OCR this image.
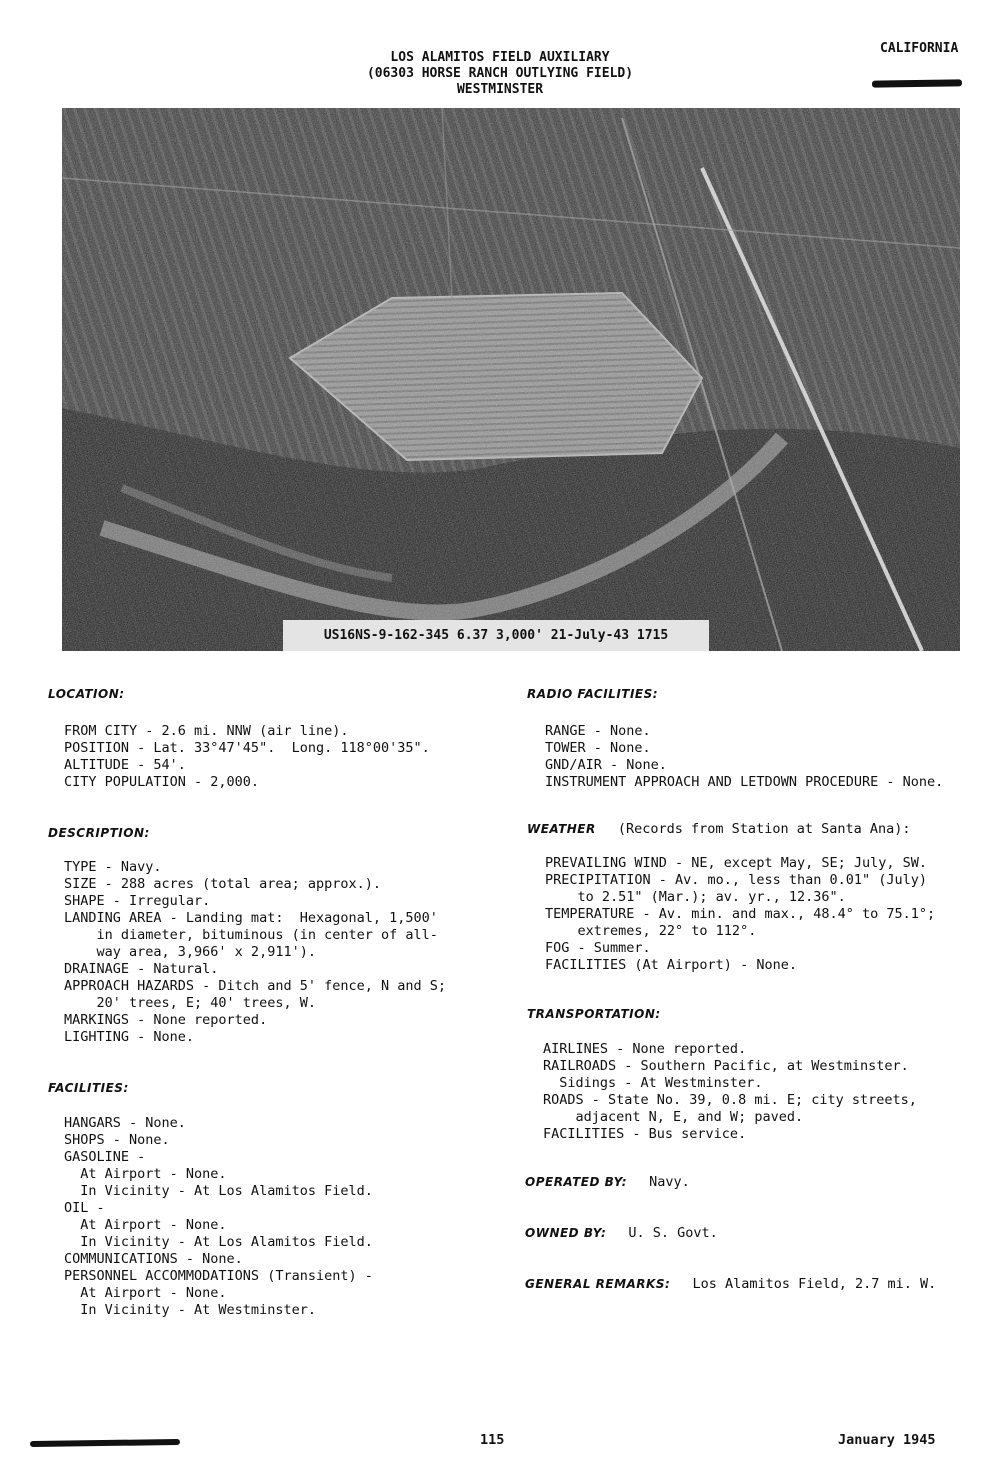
LOS ALAMITOS FIELD AUXILIARY
(06303 HORSE RANCH OUTLYING FIELD)
WESTMINSTER
CALIFORNIA
US16NS-9-162-345 6.37 3,000' 21-July-43 1715
LOCATION:
FROM CITY - 2.6 mi. NNW (air line).
POSITION - Lat. 33°47'45".  Long. 118°00'35".
ALTITUDE - 54'.
CITY POPULATION - 2,000.
DESCRIPTION:
TYPE - Navy.
SIZE - 288 acres (total area; approx.).
SHAPE - Irregular.
LANDING AREA - Landing mat:  Hexagonal, 1,500'
in diameter, bituminous (in center of all-
way area, 3,966' x 2,911').
DRAINAGE - Natural.
APPROACH HAZARDS - Ditch and 5' fence, N and S;
20' trees, E; 40' trees, W.
MARKINGS - None reported.
LIGHTING - None.
FACILITIES:
HANGARS - None.
SHOPS - None.
GASOLINE -
At Airport - None.
In Vicinity - At Los Alamitos Field.
OIL -
At Airport - None.
In Vicinity - At Los Alamitos Field.
COMMUNICATIONS - None.
PERSONNEL ACCOMMODATIONS (Transient) -
At Airport - None.
In Vicinity - At Westminster.
RADIO FACILITIES:
RANGE - None.
TOWER - None.
GND/AIR - None.
INSTRUMENT APPROACH AND LETDOWN PROCEDURE - None.
WEATHER (Records from Station at Santa Ana):
PREVAILING WIND - NE, except May, SE; July, SW.
PRECIPITATION - Av. mo., less than 0.01" (July)
to 2.51" (Mar.); av. yr., 12.36".
TEMPERATURE - Av. min. and max., 48.4° to 75.1°;
extremes, 22° to 112°.
FOG - Summer.
FACILITIES (At Airport) - None.
TRANSPORTATION:
AIRLINES - None reported.
RAILROADS - Southern Pacific, at Westminster.
Sidings - At Westminster.
ROADS - State No. 39, 0.8 mi. E; city streets,
adjacent N, E, and W; paved.
FACILITIES - Bus service.
OPERATED BY: Navy.
OWNED BY: U. S. Govt.
GENERAL REMARKS: Los Alamitos Field, 2.7 mi. W.
115	January 1945
